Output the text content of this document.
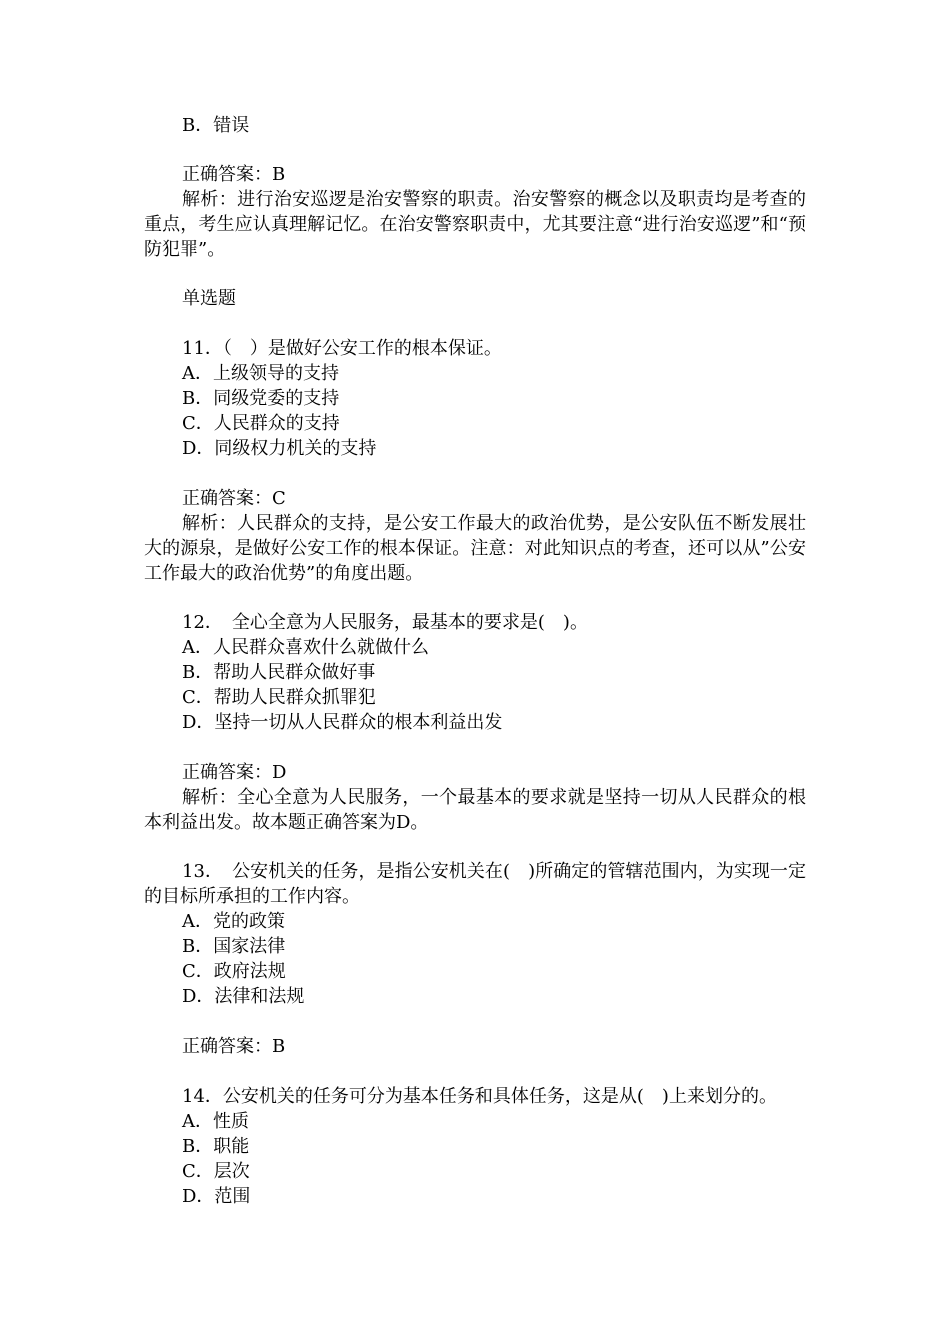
B．错误
正确答案：B
解析：进行治安巡逻是治安警察的职责。治安警察的概念以及职责均是考查的重点，考生应认真理解记忆。在治安警察职责中，尤其要注意“进行治安巡逻”和“预防犯罪”。
单选题
11．（　）是做好公安工作的根本保证。
A．上级领导的支持
B．同级党委的支持
C．人民群众的支持
D．同级权力机关的支持
正确答案：C
解析：人民群众的支持，是公安工作最大的政治优势，是公安队伍不断发展壮大的源泉，是做好公安工作的根本保证。注意：对此知识点的考查，还可以从”公安工作最大的政治优势”的角度出题。
12．　全心全意为人民服务，最基本的要求是(　)。
A．人民群众喜欢什么就做什么
B．帮助人民群众做好事
C．帮助人民群众抓罪犯
D．坚持一切从人民群众的根本利益出发
正确答案：D
解析：全心全意为人民服务，一个最基本的要求就是坚持一切从人民群众的根本利益出发。故本题正确答案为D。
13．　公安机关的任务，是指公安机关在(　)所确定的管辖范围内，为实现一定的目标所承担的工作内容。
A．党的政策
B．国家法律
C．政府法规
D．法律和法规
正确答案：B
14．公安机关的任务可分为基本任务和具体任务，这是从(　)上来划分的。
A．性质
B．职能
C．层次
D．范围
